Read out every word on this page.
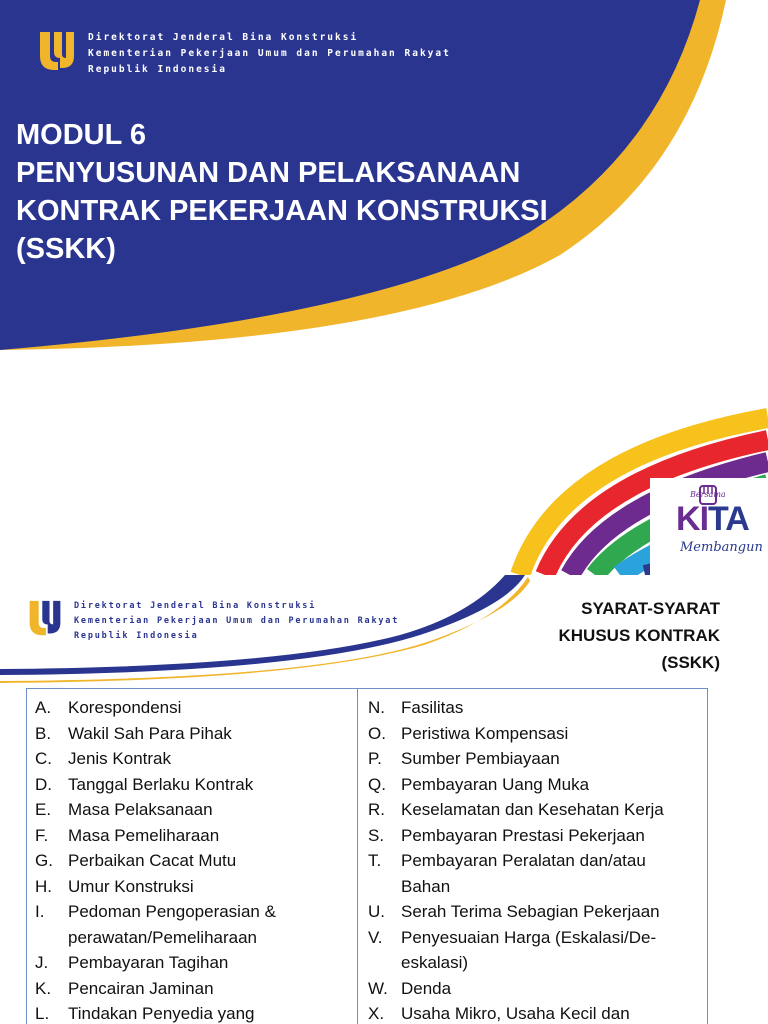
Direktorat Jenderal Bina Konstruksi
Kementerian Pekerjaan Umum dan Perumahan Rakyat
Republik Indonesia
MODUL 6
PENYUSUNAN DAN PELAKSANAAN
KONTRAK PEKERJAAN KONSTRUKSI
(SSKK)
Bersama
KITA
Membangun
Direktorat Jenderal Bina Konstruksi
Kementerian Pekerjaan Umum dan Perumahan Rakyat
Republik Indonesia
SYARAT-SYARAT
KHUSUS KONTRAK
(SSKK)
A. Korespondensi
B. Wakil Sah Para Pihak
C. Jenis Kontrak
D. Tanggal Berlaku Kontrak
E. Masa Pelaksanaan
F.	Masa Pemeliharaan
G. Perbaikan Cacat Mutu
H. Umur Konstruksi
I.	Pedoman Pengoperasian &
perawatan/Pemeliharaan
J.	Pembayaran Tagihan
K. Pencairan Jaminan
L.	Tindakan Penyedia yang
N. Fasilitas
O. Peristiwa Kompensasi
P.	Sumber Pembiayaan
Q. Pembayaran Uang Muka
R. Keselamatan dan Kesehatan Kerja
S. Pembayaran Prestasi Pekerjaan
T.	Pembayaran Peralatan dan/atau
Bahan
U. Serah Terima Sebagian Pekerjaan
V.	Penyesuaian Harga (Eskalasi/De-
eskalasi)
W. Denda
X. Usaha Mikro, Usaha Kecil dan
